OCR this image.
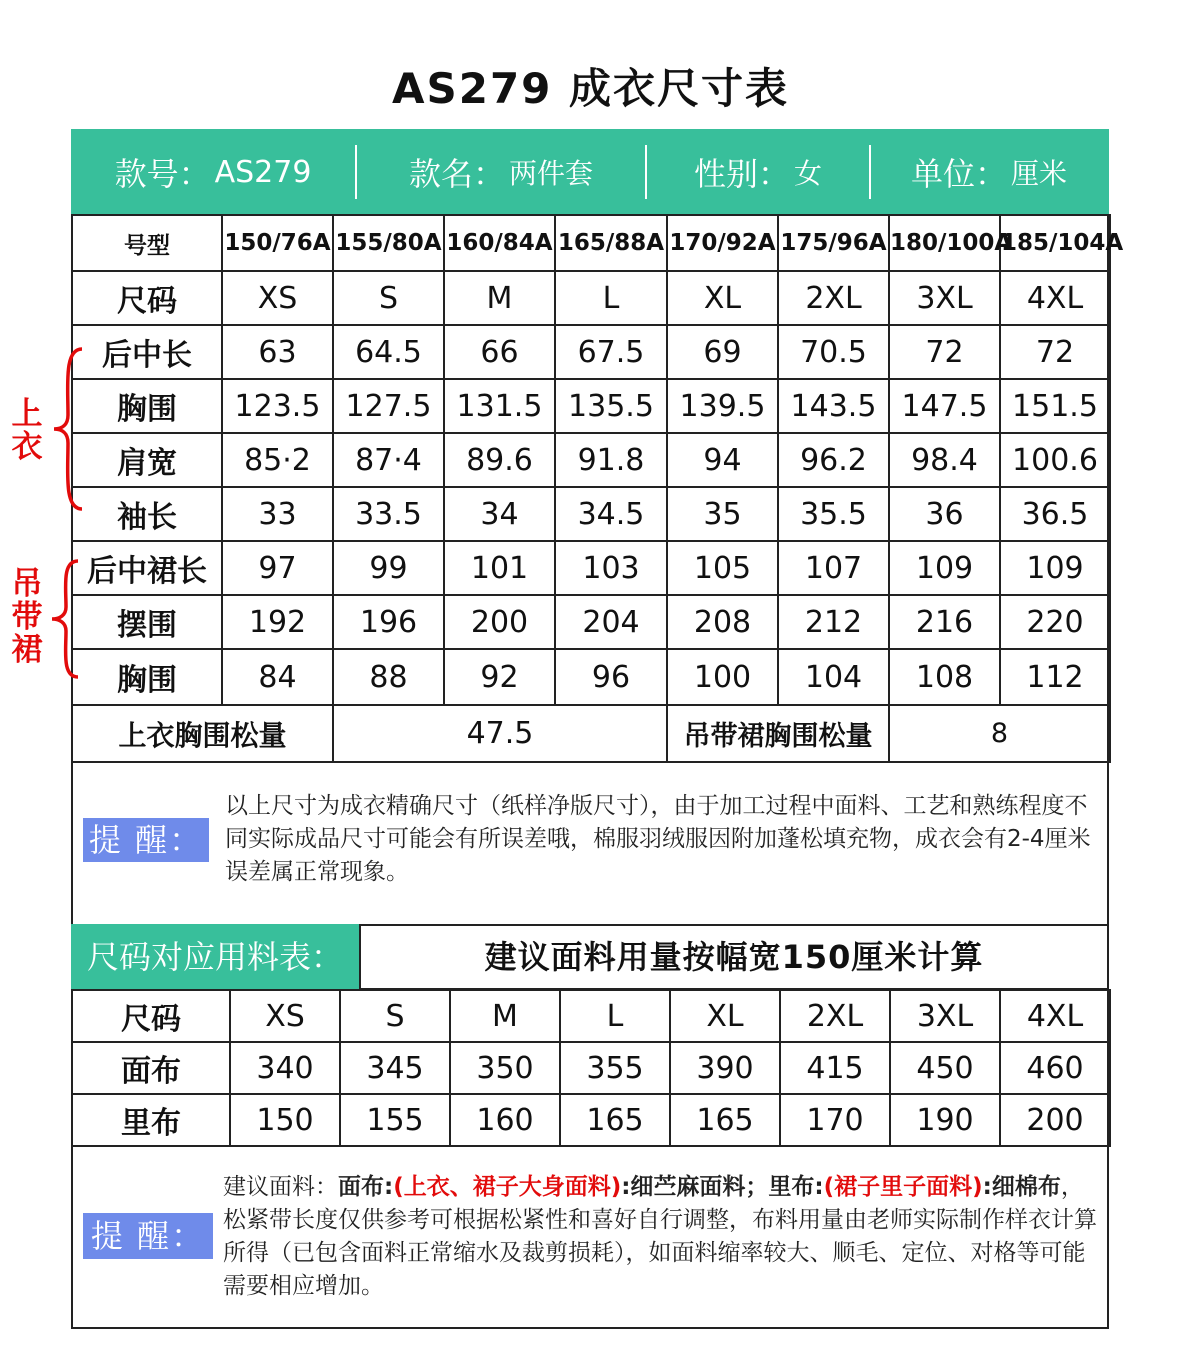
AS279 成衣尺寸表
款号： AS279	款名： 两件套	性别： 女	单位： 厘米
号型	150/76A	155/80A	160/84A	165/88A	170/92A	175/96A	180/100A	185/104A
尺码	XS	S	M	L	XL	2XL	3XL	4XL
后中长	63	64.5	66	67.5	69	70.5	72	72
胸围	123.5	127.5	131.5	135.5	139.5	143.5	147.5	151.5
肩宽	85·2	87·4	89.6	91.8	94	96.2	98.4	100.6
袖长	33	33.5	34	34.5	35	35.5	36	36.5
后中裙长	97	99	101	103	105	107	109	109
摆围	192	196	200	204	208	212	216	220
胸围	84	88	92	96	100	104	108	112
上衣胸围松量		47.5			吊带裙胸围松量		8	
上衣
吊带裙
提 醒：
以上尺寸为成衣精确尺寸（纸样净版尺寸），由于加工过程中面料、工艺和熟练程度不同实际成品尺寸可能会有所误差哦，棉服羽绒服因附加蓬松填充物，成衣会有2-4厘米误差属正常现象。
尺码对应用料表：	建议面料用量按幅宽150厘米计算
尺码	XS	S	M	L	XL	2XL	3XL	4XL
面布	340	345	350	355	390	415	450	460
里布	150	155	160	165	165	170	190	200
提 醒：
建议面料：面布:(上衣、裙子大身面料):细苎麻面料；里布:(裙子里子面料):细棉布，松紧带长度仅供参考可根据松紧性和喜好自行调整，布料用量由老师实际制作样衣计算所得（已包含面料正常缩水及裁剪损耗），如面料缩率较大、顺毛、定位、对格等可能需要相应增加。
